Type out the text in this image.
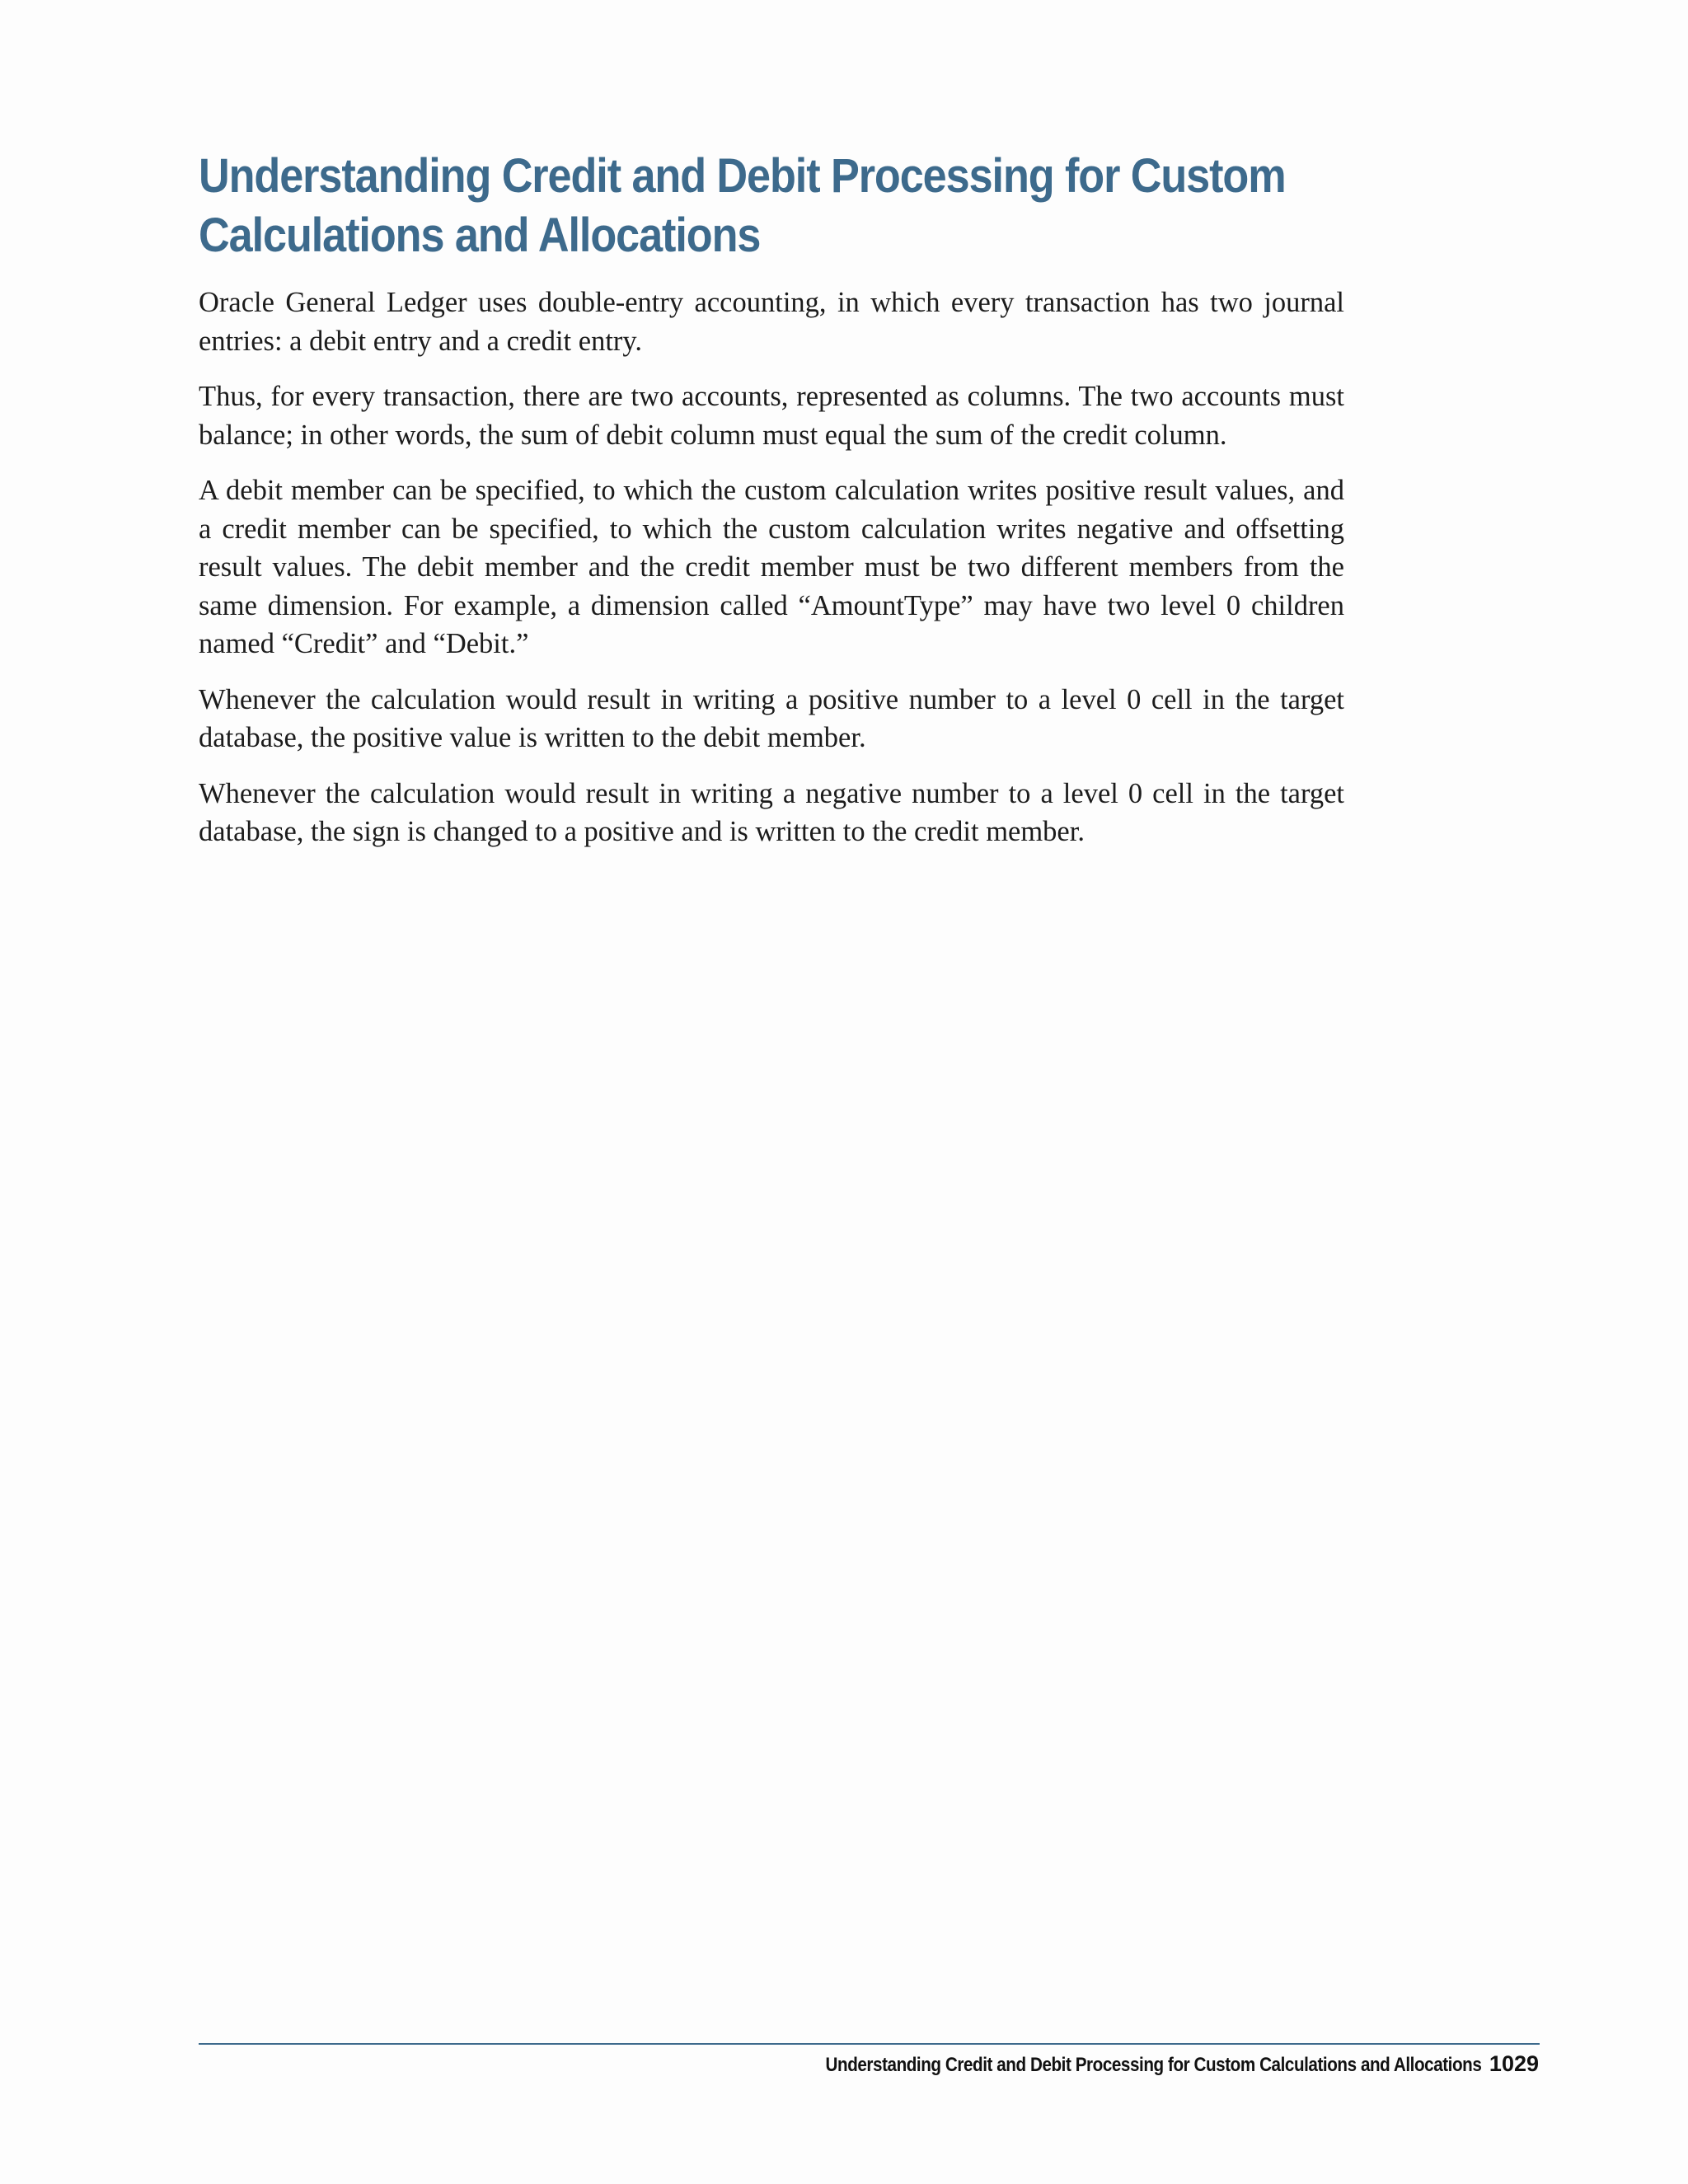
Understanding Credit and Debit Processing for Custom
Calculations and Allocations

Oracle General Ledger uses double-entry accounting, in which every transaction has two journal entries: a debit entry and a credit entry.

Thus, for every transaction, there are two accounts, represented as columns. The two accounts must balance; in other words, the sum of debit column must equal the sum of the credit column.

A debit member can be specified, to which the custom calculation writes positive result values, and a credit member can be specified, to which the custom calculation writes negative and offsetting result values. The debit member and the credit member must be two different members from the same dimension. For example, a dimension called “AmountType” may have two level 0 children named “Credit” and “Debit.”

Whenever the calculation would result in writing a positive number to a level 0 cell in the target database, the positive value is written to the debit member.

Whenever the calculation would result in writing a negative number to a level 0 cell in the target database, the sign is changed to a positive and is written to the credit member.

Understanding Credit and Debit Processing for Custom Calculations and Allocations 1029
